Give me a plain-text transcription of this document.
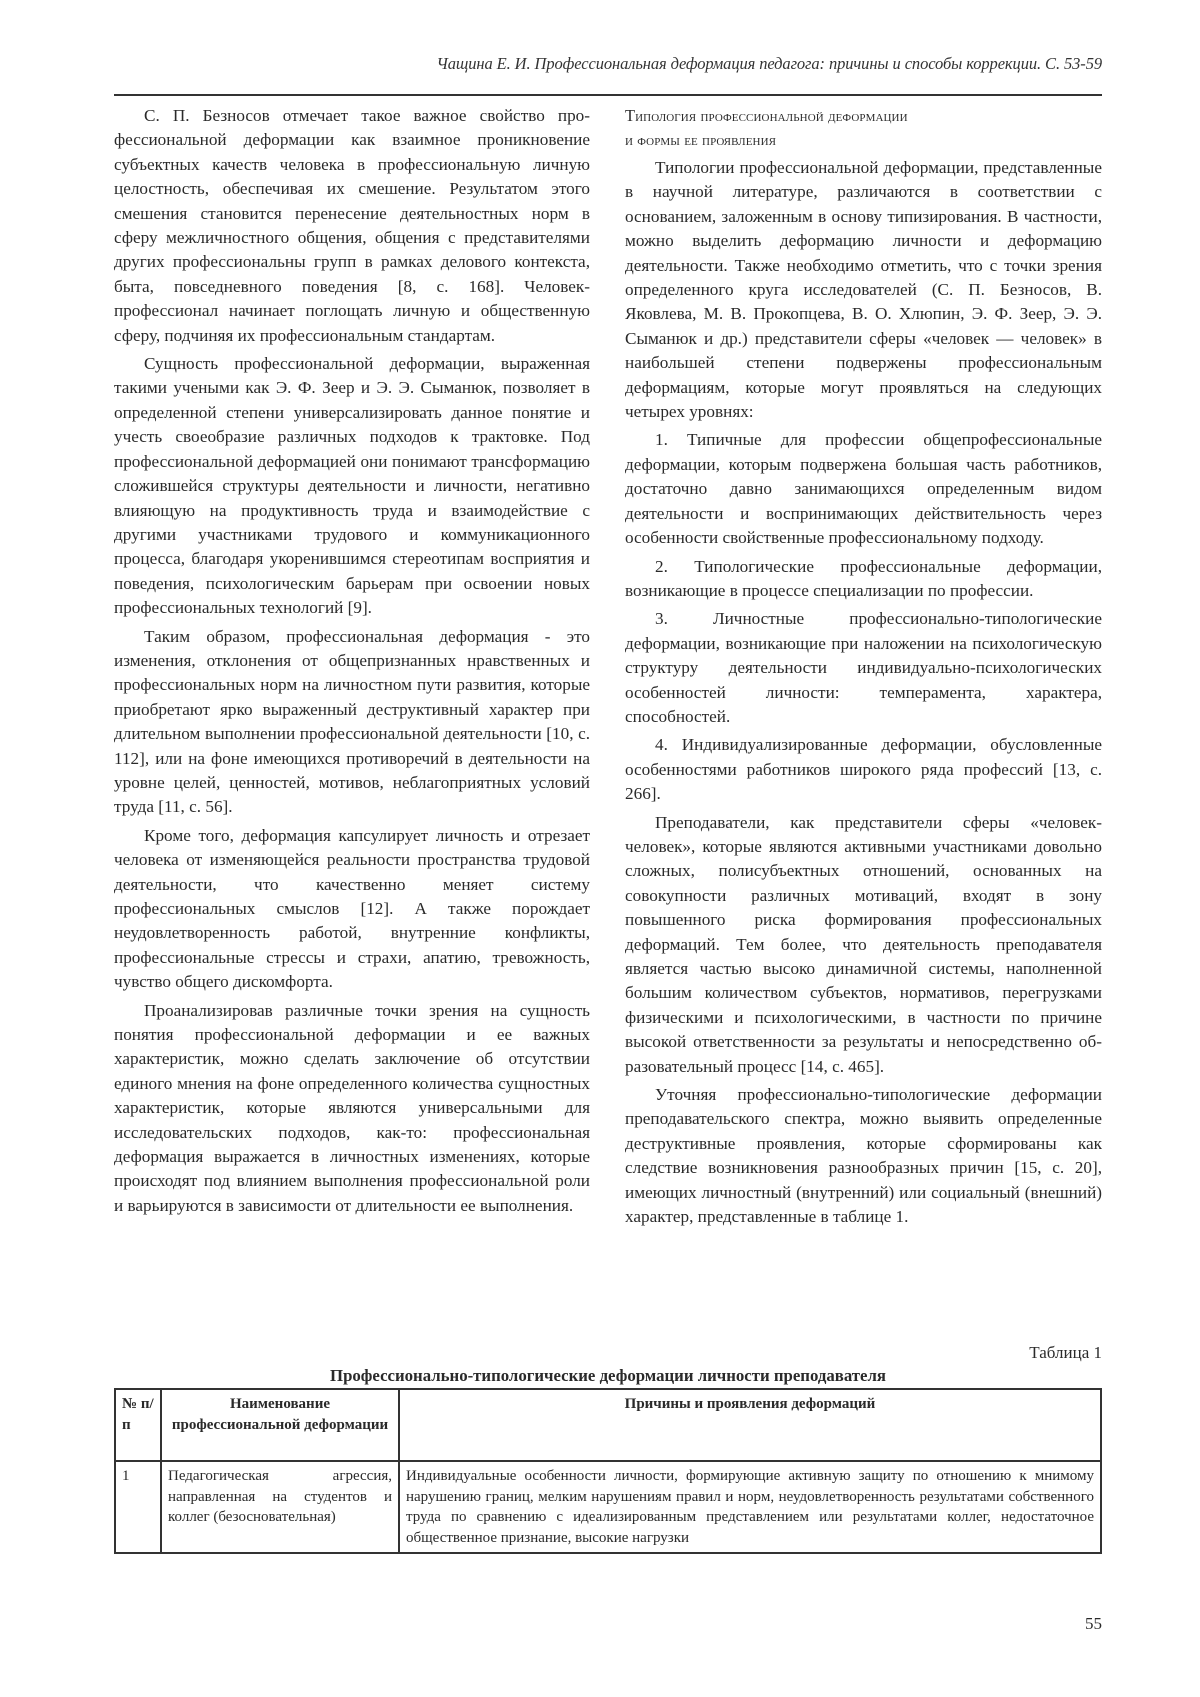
Чащина Е. И. Профессиональная деформация педагога: причины и способы коррекции. С. 53-59

С. П. Безносов отмечает такое важное свойство профессиональной деформации как взаимное проникновение субъектных качеств человека в профессиональную личную целостность, обеспечивая их смешение. Результатом этого смешения становится перенесение деятельностных норм в сферу межличностного общения, общения с представителями других профессиональны групп в рамках делового контекста, быта, повседневного поведения [8, с. 168]. Человек-профессионал начинает поглощать личную и общественную сферу, подчиняя их профессиональным стандартам.

Сущность профессиональной деформации, выраженная такими учеными как Э. Ф. Зеер и Э. Э. Сыманюк, позволяет в определенной степени универсализировать данное понятие и учесть своеобразие различных подходов к трактовке. Под профессиональной деформацией они понимают трансформацию сложившейся структуры деятельности и личности, негативно влияющую на продуктивность труда и взаимодействие с другими участниками трудового и коммуникационного процесса, благодаря укоренившимся стереотипам восприятия и поведения, психологическим барьерам при освоении новых профессиональных технологий [9].

Таким образом, профессиональная деформация - это изменения, отклонения от общепризнанных нравственных и профессиональных норм на личностном пути развития, которые приобретают ярко выраженный деструктивный характер при длительном выполнении профессиональной деятельности [10, с. 112], или на фоне имеющихся противоречий в деятельности на уровне целей, ценностей, мотивов, неблагоприятных условий труда [11, с. 56].

Кроме того, деформация капсулирует личность и отрезает человека от изменяющейся реальности пространства трудовой деятельности, что качественно меняет систему профессиональных смыслов [12]. А также порождает неудовлетворенность работой, внутренние конфликты, профессиональные стрессы и страхи, апатию, тревожность, чувство общего дискомфорта.

Проанализировав различные точки зрения на сущность понятия профессиональной деформации и ее важных характеристик, можно сделать заключение об отсутствии единого мнения на фоне определенного количества сущностных характеристик, которые являются универсальными для исследовательских подходов, как-то: профессиональная деформация выражается в личностных изменениях, которые происходят под влиянием выполнения профессиональной роли и варьируются в зависимости от длительности ее выполнения.

Типология профессиональной деформации
и формы ее проявления

Типологии профессиональной деформации, представленные в научной литературе, различаются в соответствии с основанием, заложенным в основу типизирования. В частности, можно выделить деформацию личности и деформацию деятельности. Также необходимо отметить, что с точки зрения определенного круга исследователей (С. П. Безносов, В. Яковлева, М. В. Прокопцева, В. О. Хлюпин, Э. Ф. Зеер, Э. Э. Сыманюк и др.) представители сферы «человек — человек» в наибольшей степени подвержены профессиональным деформациям, которые могут проявляться на следующих четырех уровнях:

1. Типичные для профессии общепрофессиональные деформации, которым подвержена большая часть работников, достаточно давно занимающихся определенным видом деятельности и воспринимающих действительность через особенности свойственные профессиональному подходу.

2. Типологические профессиональные деформации, возникающие в процессе специализации по профессии.

3. Личностные профессионально-типологические деформации, возникающие при наложении на психологическую структуру деятельности индивидуально-психологических особенностей личности: темперамента, характера, способностей.

4. Индивидуализированные деформации, обусловленные особенностями работников широкого ряда профессий [13, с. 266].

Преподаватели, как представители сферы «человек-человек», которые являются активными участниками довольно сложных, полисубъектных отношений, основанных на совокупности различных мотиваций, входят в зону повышенного риска формирования профессиональных деформаций. Тем более, что деятельность преподавателя является частью высоко динамичной системы, наполненной большим количеством субъектов, нормативов, перегрузками физическими и психологическими, в частности по причине высокой ответственности за результаты и непосредственно образовательный процесс [14, с. 465].

Уточняя профессионально-типологические деформации преподавательского спектра, можно выявить определенные деструктивные проявления, которые сформированы как следствие возникновения разнообразных причин [15, с. 20], имеющих личностный (внутренний) или социальный (внешний) характер, представленные в таблице 1.

Таблица 1
Профессионально-типологические деформации личности преподавателя
№ п/п	Наименование профессиональной деформации	Причины и проявления деформаций
1	Педагогическая агрессия, направленная на студентов и коллег (безосновательная)	Индивидуальные особенности личности, формирующие активную защиту по отношению к мнимому нарушению границ, мелким нарушениям правил и норм, неудовлетворенность результатами собственного труда по сравнению с идеализированным представлением или результатами коллег, недостаточное общественное признание, высокие нагрузки
55
